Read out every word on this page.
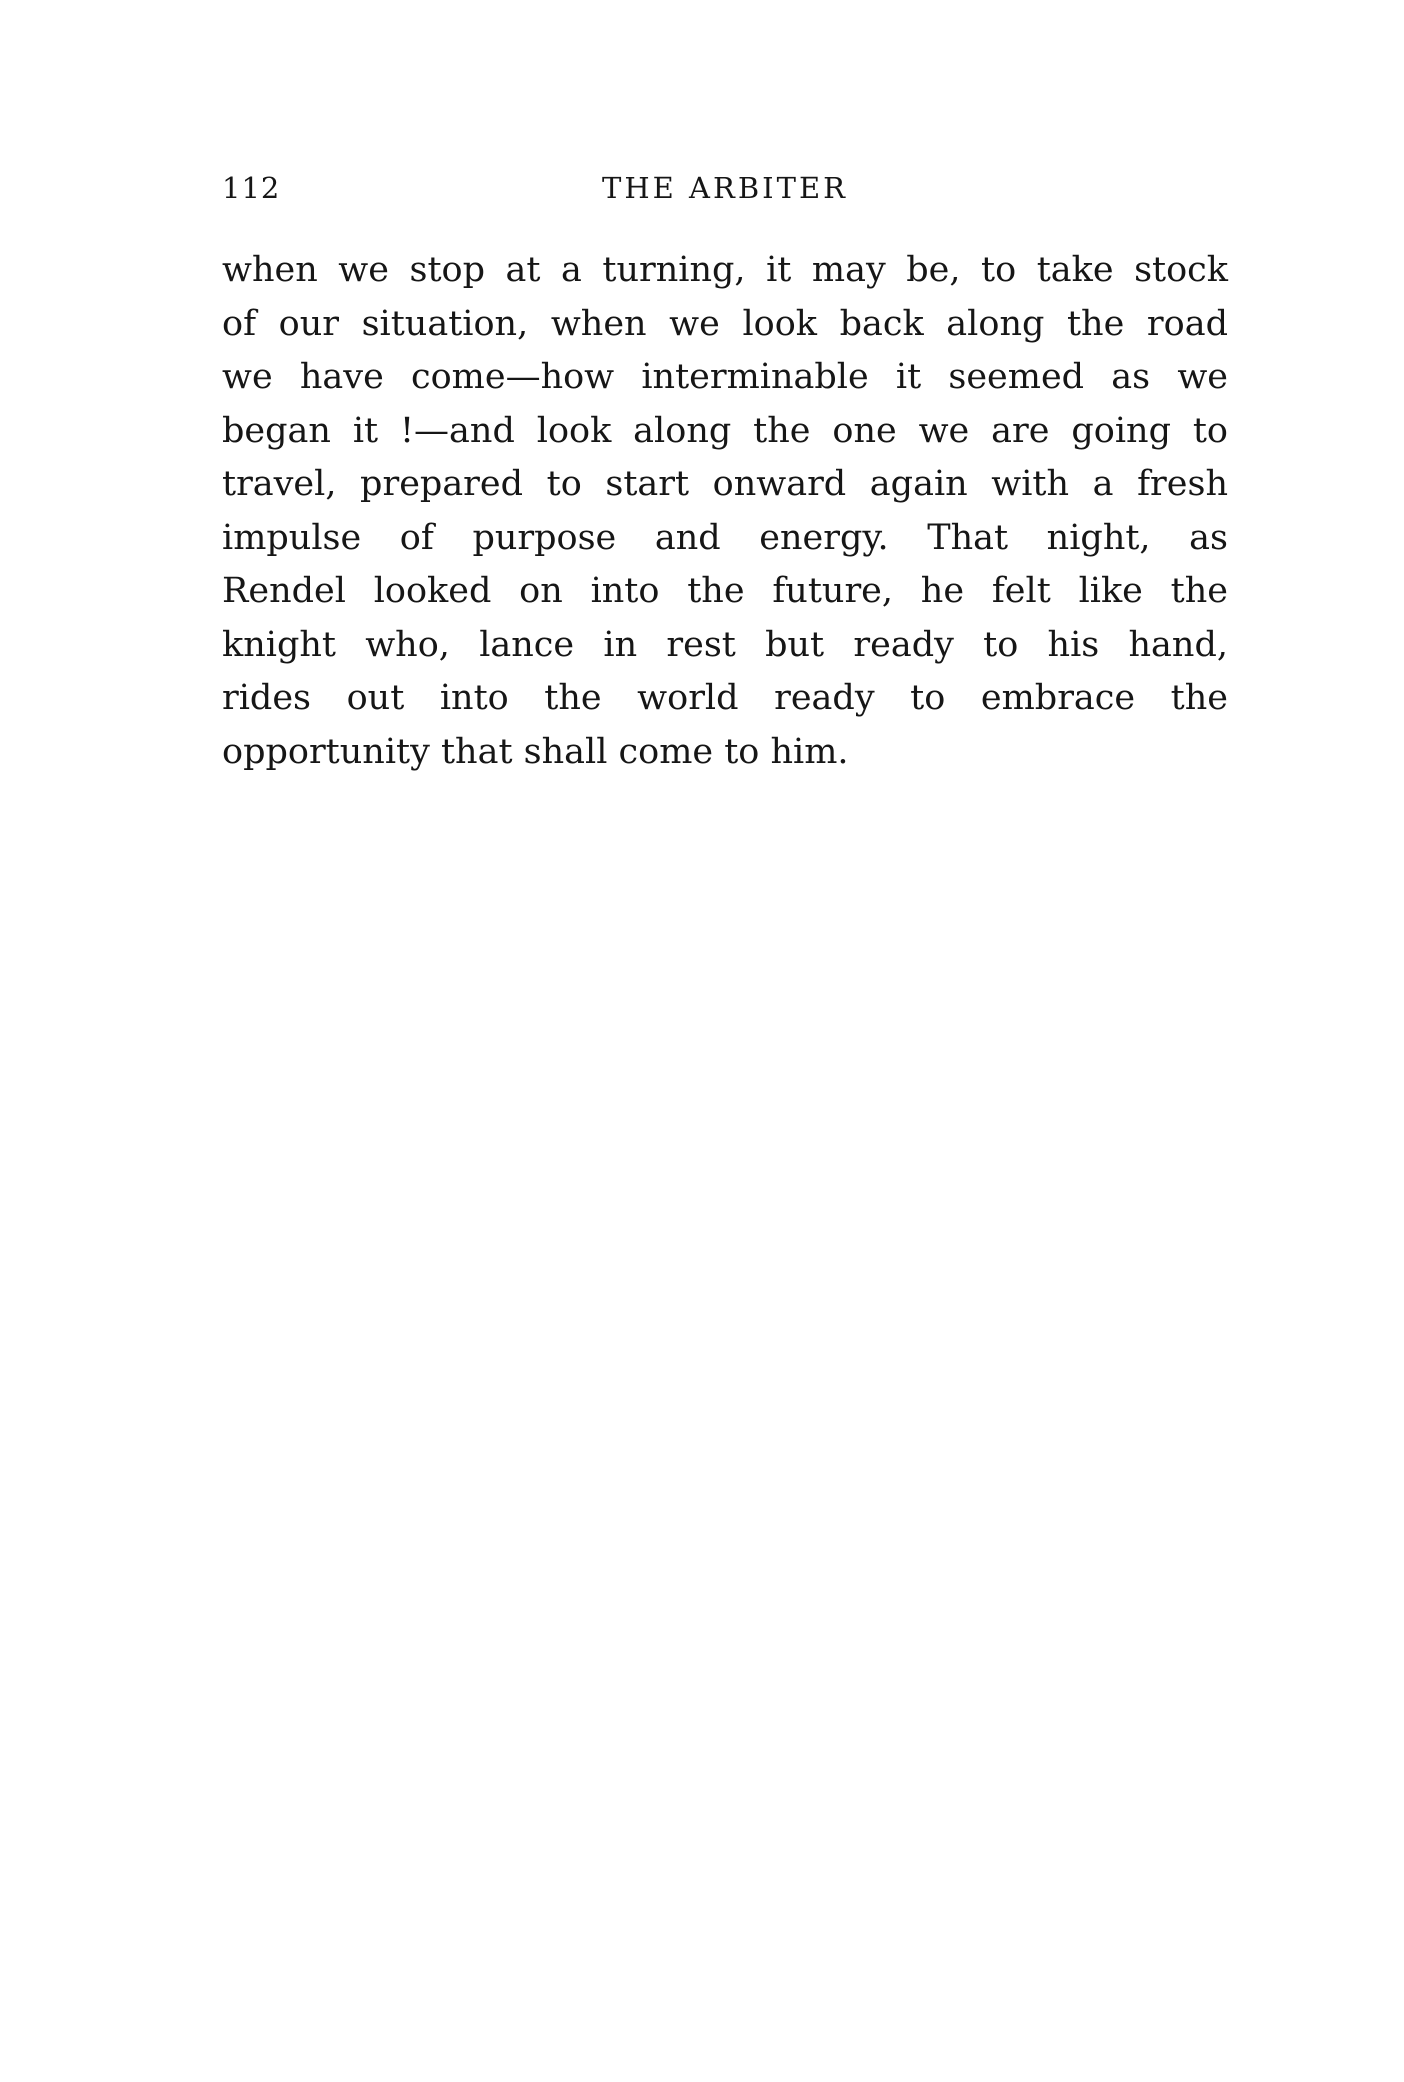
112	THE ARBITER
when we stop at a turning, it may be, to take stock
of our situation, when we look back along the road
we have come—how interminable it seemed as we
began it !—and look along the one we are going to
travel, prepared to start onward again with a fresh
impulse of purpose and energy. That night, as
Rendel looked on into the future, he felt like the
knight who, lance in rest but ready to his hand,
rides out into the world ready to embrace the
opportunity that shall come to him.
